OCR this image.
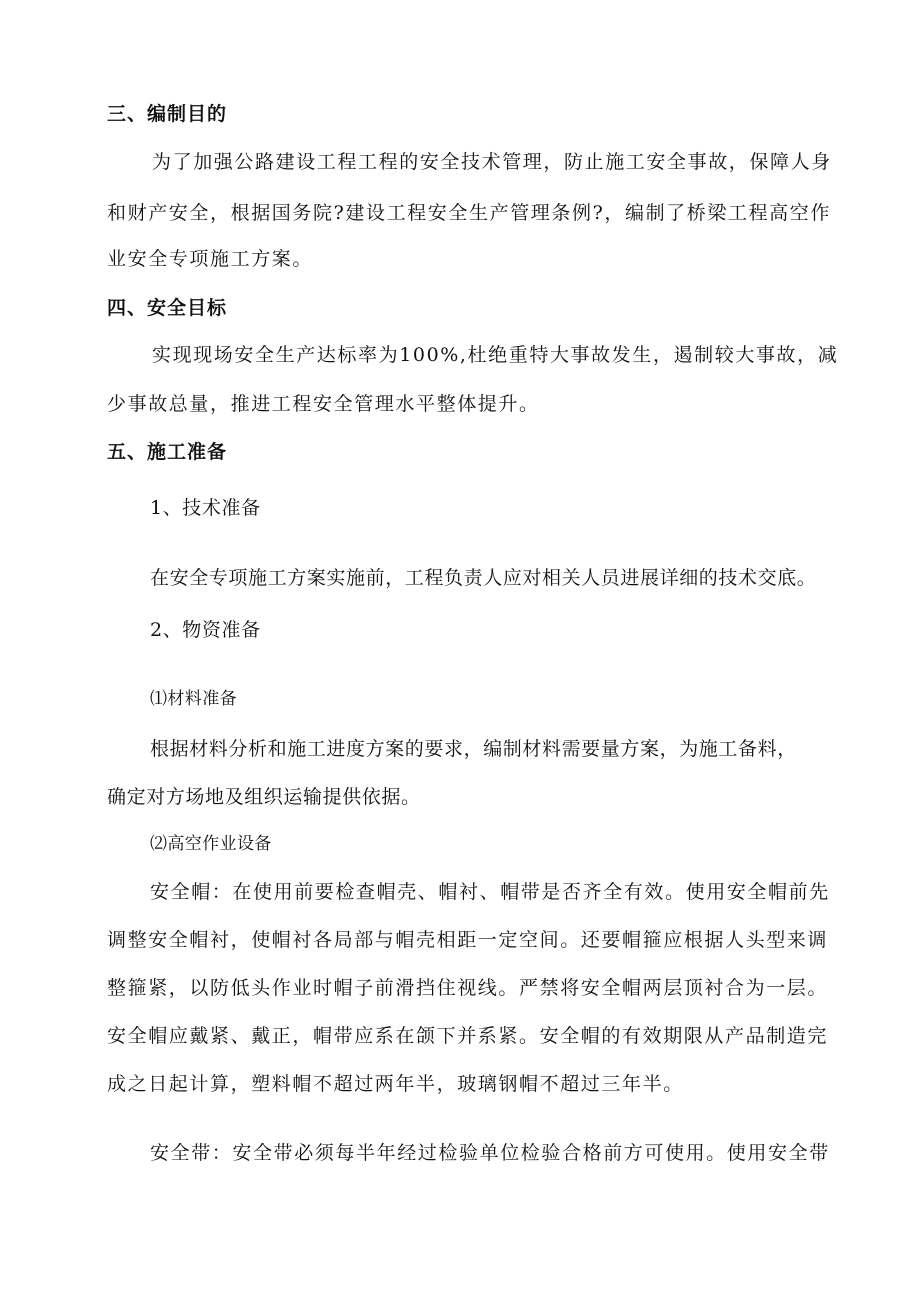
三、编制目的
为了加强公路建设工程工程的安全技术管理，防止施工安全事故，保障人身
和财产安全，根据国务院?建设工程安全生产管理条例?，编制了桥梁工程高空作
业安全专项施工方案。
四、安全目标
实现现场安全生产达标率为100%,杜绝重特大事故发生，遏制较大事故，减
少事故总量，推进工程安全管理水平整体提升。
五、施工准备
1、技术准备
在安全专项施工方案实施前，工程负责人应对相关人员进展详细的技术交底。
2、物资准备
⑴材料准备
根据材料分析和施工进度方案的要求，编制材料需要量方案，为施工备料，
确定对方场地及组织运输提供依据。
⑵高空作业设备
安全帽：在使用前要检查帽壳、帽衬、帽带是否齐全有效。使用安全帽前先
调整安全帽衬，使帽衬各局部与帽壳相距一定空间。还要帽箍应根据人头型来调
整箍紧，以防低头作业时帽子前滑挡住视线。严禁将安全帽两层顶衬合为一层。
安全帽应戴紧、戴正，帽带应系在颌下并系紧。安全帽的有效期限从产品制造完
成之日起计算，塑料帽不超过两年半，玻璃钢帽不超过三年半。
安全带：安全带必须每半年经过检验单位检验合格前方可使用。使用安全带
